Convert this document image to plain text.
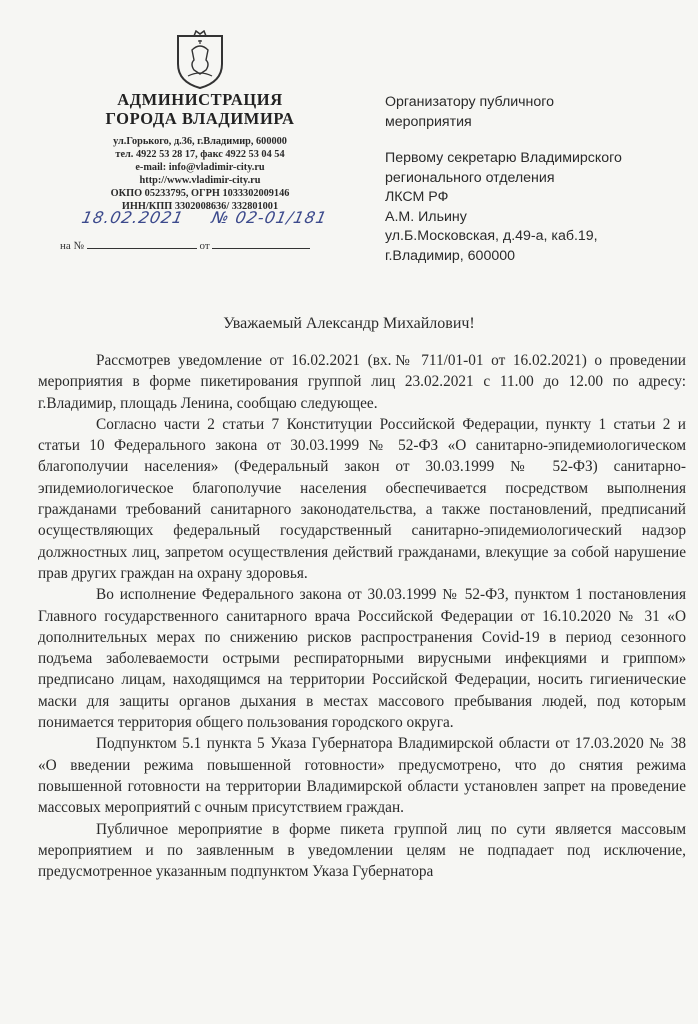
АДМИНИСТРАЦИЯ
ГОРОДА ВЛАДИМИРА
ул.Горького, д.36, г.Владимир, 600000
тел. 4922 53 28 17, факс 4922 53 04 54
e-mail: info@vladimir-city.ru
http://www.vladimir-city.ru
ОКПО 05233795, ОГРН 1033302009146
ИНН/КПП 3302008636/ 332801001
18.02.2021 № 02-01/181
на №	от
Организатору публичного
мероприятия
Первому секретарю Владимирского
регионального отделения
ЛКСМ РФ
А.М. Ильину
ул.Б.Московская, д.49-а, каб.19,
г.Владимир, 600000
Уважаемый Александр Михайлович!

Рассмотрев уведомление от 16.02.2021 (вх.№ 711/01-01 от 16.02.2021) о проведении мероприятия в форме пикетирования группой лиц 23.02.2021 с 11.00 до 12.00 по адресу: г.Владимир, площадь Ленина, сообщаю следующее.

Согласно части 2 статьи 7 Конституции Российской Федерации, пункту 1 статьи 2 и статьи 10 Федерального закона от 30.03.1999 № 52-ФЗ «О санитарно-эпидемиологическом благополучии населения» (Федеральный закон от 30.03.1999 № 52-ФЗ) санитарно-эпидемиологическое благополучие населения обеспечивается посредством выполнения гражданами требований санитарного законодательства, а также постановлений, предписаний осуществляющих федеральный государственный санитарно-эпидемиологический надзор должностных лиц, запретом осуществления действий гражданами, влекущие за собой нарушение прав других граждан на охрану здоровья.

Во исполнение Федерального закона от 30.03.1999 № 52-ФЗ, пунктом 1 постановления Главного государственного санитарного врача Российской Федерации от 16.10.2020 № 31 «О дополнительных мерах по снижению рисков распространения Covid-19 в период сезонного подъема заболеваемости острыми респираторными вирусными инфекциями и гриппом» предписано лицам, находящимся на территории Российской Федерации, носить гигиенические маски для защиты органов дыхания в местах массового пребывания людей, под которым понимается территория общего пользования городского округа.

Подпунктом 5.1 пункта 5 Указа Губернатора Владимирской области от 17.03.2020 № 38 «О введении режима повышенной готовности» предусмотрено, что до снятия режима повышенной готовности на территории Владимирской области установлен запрет на проведение массовых мероприятий с очным присутствием граждан.

Публичное мероприятие в форме пикета группой лиц по сути является массовым мероприятием и по заявленным в уведомлении целям не подпадает под исключение, предусмотренное указанным подпунктом Указа Губернатора
